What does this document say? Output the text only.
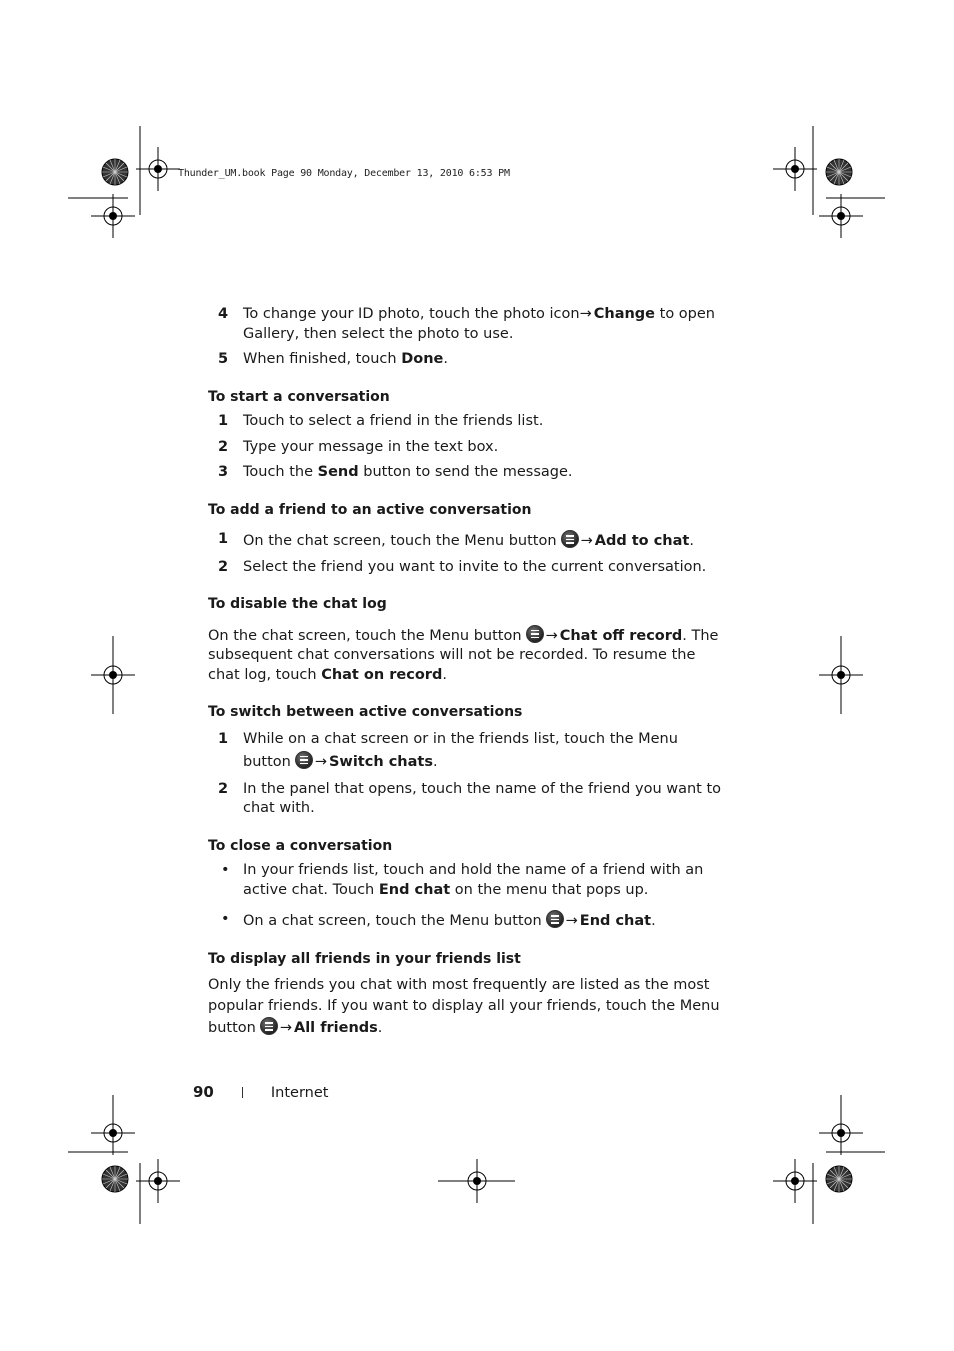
Thunder_UM.book Page 90 Monday, December 13, 2010 6:53 PM
4 To change your ID photo, touch the photo icon→ Change to open Gallery, then select the photo to use.
5 When finished, touch Done.
To start a conversation
1 Touch to select a friend in the friends list.
2 Type your message in the text box.
3 Touch the Send button to send the message.
To add a friend to an active conversation
1 On the chat screen, touch the Menu button → Add to chat.
2 Select the friend you want to invite to the current conversation.
To disable the chat log
On the chat screen, touch the Menu button → Chat off record. The subsequent chat conversations will not be recorded. To resume the chat log, touch Chat on record.
To switch between active conversations
1 While on a chat screen or in the friends list, touch the Menu button → Switch chats.
2 In the panel that opens, touch the name of the friend you want to chat with.
To close a conversation
• In your friends list, touch and hold the name of a friend with an active chat. Touch End chat on the menu that pops up.
• On a chat screen, touch the Menu button → End chat.
To display all friends in your friends list
Only the friends you chat with most frequently are listed as the most popular friends. If you want to display all your friends, touch the Menu button → All friends.
90	Internet
